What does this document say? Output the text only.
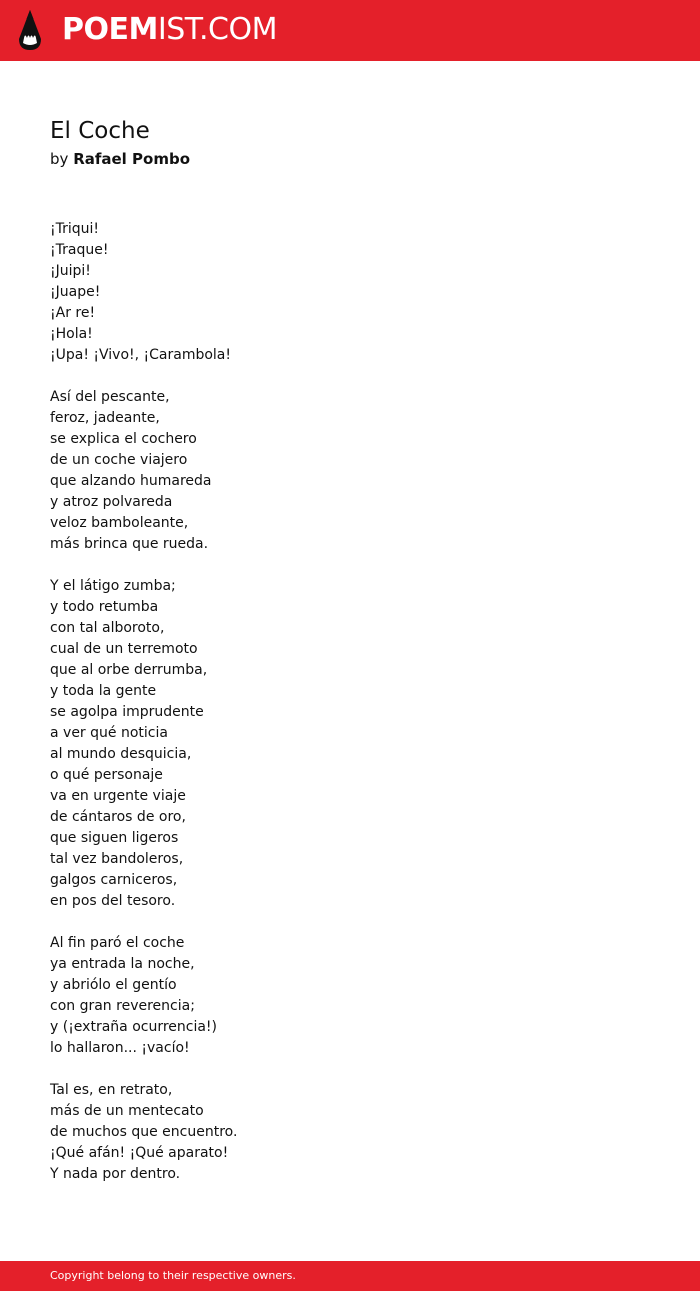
POEMIST.COM
El Coche
by Rafael Pombo
¡Triqui!
¡Traque!
¡Juipi!
¡Juape!
¡Ar re!
¡Hola!
¡Upa! ¡Vivo!, ¡Carambola!
Así del pescante,
feroz, jadeante,
se explica el cochero
de un coche viajero
que alzando humareda
y atroz polvareda
veloz bamboleante,
más brinca que rueda.
Y el látigo zumba;
y todo retumba
con tal alboroto,
cual de un terremoto
que al orbe derrumba,
y toda la gente
se agolpa imprudente
a ver qué noticia
al mundo desquicia,
o qué personaje
va en urgente viaje
de cántaros de oro,
que siguen ligeros
tal vez bandoleros,
galgos carniceros,
en pos del tesoro.
Al fin paró el coche
ya entrada la noche,
y abriólo el gentío
con gran reverencia;
y (¡extraña ocurrencia!)
lo hallaron... ¡vacío!
Tal es, en retrato,
más de un mentecato
de muchos que encuentro.
¡Qué afán! ¡Qué aparato!
Y nada por dentro.
Copyright belong to their respective owners.
